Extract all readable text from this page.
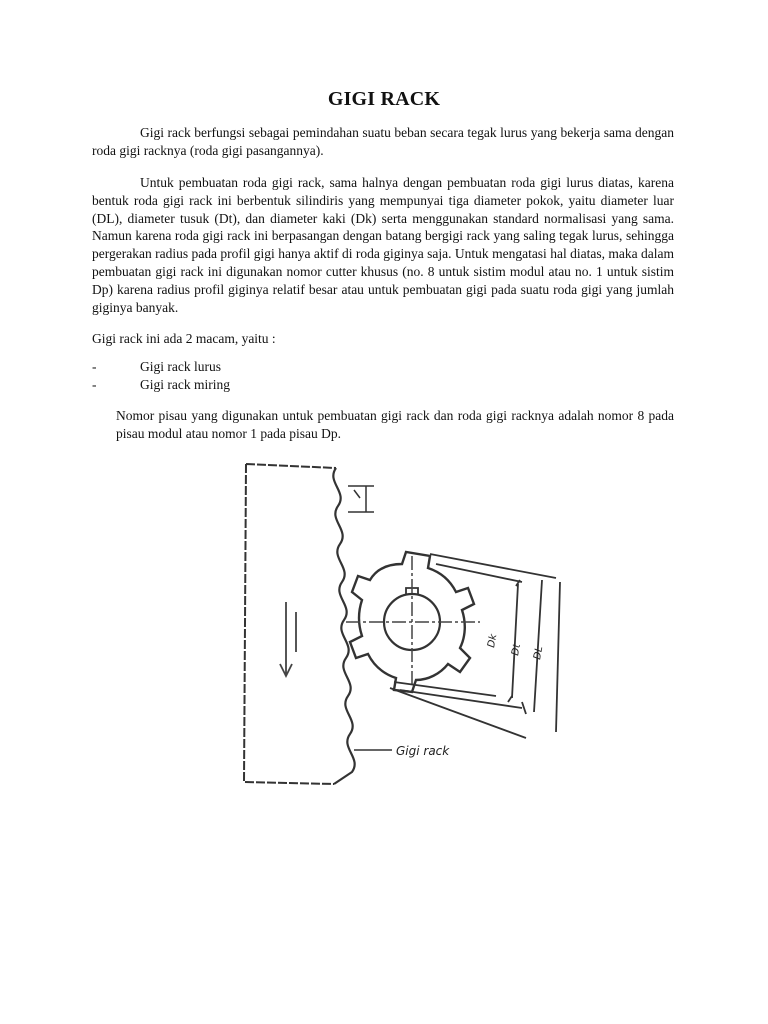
GIGI RACK

Gigi rack berfungsi sebagai pemindahan suatu beban secara tegak lurus yang bekerja sama dengan roda gigi racknya (roda gigi pasangannya).

Untuk pembuatan roda gigi rack, sama halnya dengan pembuatan roda gigi lurus diatas, karena bentuk roda gigi rack ini berbentuk silindiris yang mempunyai tiga diameter pokok, yaitu diameter luar (DL), diameter tusuk (Dt), dan diameter kaki (Dk) serta menggunakan standard normalisasi yang sama. Namun karena roda gigi rack ini berpasangan dengan batang bergigi rack yang saling tegak lurus, sehingga pergerakan radius pada profil gigi hanya aktif di roda giginya saja. Untuk mengatasi hal diatas, maka dalam pembuatan gigi rack ini digunakan nomor cutter khusus (no. 8 untuk sistim modul atau no. 1 untuk sistim Dp) karena radius profil giginya relatif besar atau untuk pembuatan gigi pada suatu roda gigi yang jumlah giginya banyak.

Gigi rack ini ada 2 macam, yaitu :

-	Gigi rack lurus
-	Gigi rack miring

Nomor pisau yang digunakan untuk pembuatan gigi rack dan roda gigi racknya adalah nomor 8 pada pisau modul atau nomor 1 pada pisau Dp.

Dk
Dt DL
Gigi rack
